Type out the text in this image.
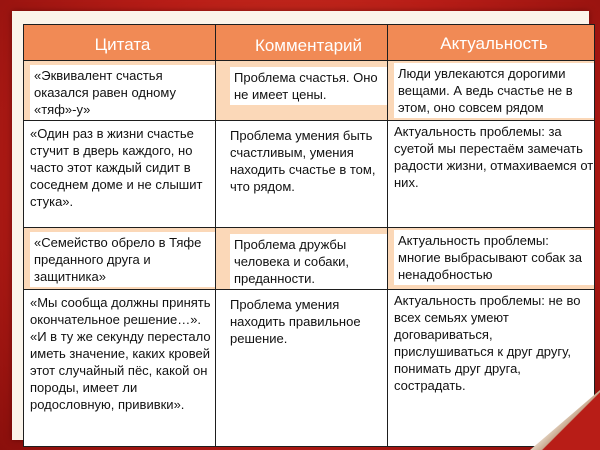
Цитата	Комментарий	Актуальность
«Эквивалент счастья оказался равен одному «тяф»-у»	Проблема счастья. Оно не имеет цены.	Люди увлекаются дорогими вещами. А ведь счастье не в этом, оно совсем рядом
«Один раз в жизни счастье стучит в дверь каждого, но часто этот каждый сидит в соседнем доме и не слышит стука».	Проблема умения быть счастливым, умения находить счастье в том, что рядом.	Актуальность проблемы: за суетой мы перестаём замечать радости жизни, отмахиваемся от них.
«Семейство обрело в Тяфе преданного друга и защитника»	Проблема дружбы человека и собаки, преданности.	Актуальность проблемы: многие выбрасывают собак за ненадобностью
«Мы сообща должны принять окончательное решение…». «И в ту же секунду перестало иметь значение, каких кровей этот случайный пёс, какой он породы, имеет ли родословную, прививки».	Проблема умения находить правильное решение.	Актуальность проблемы: не во всех семьях умеют договариваться, прислушиваться к друг другу, понимать друг друга, сострадать.
